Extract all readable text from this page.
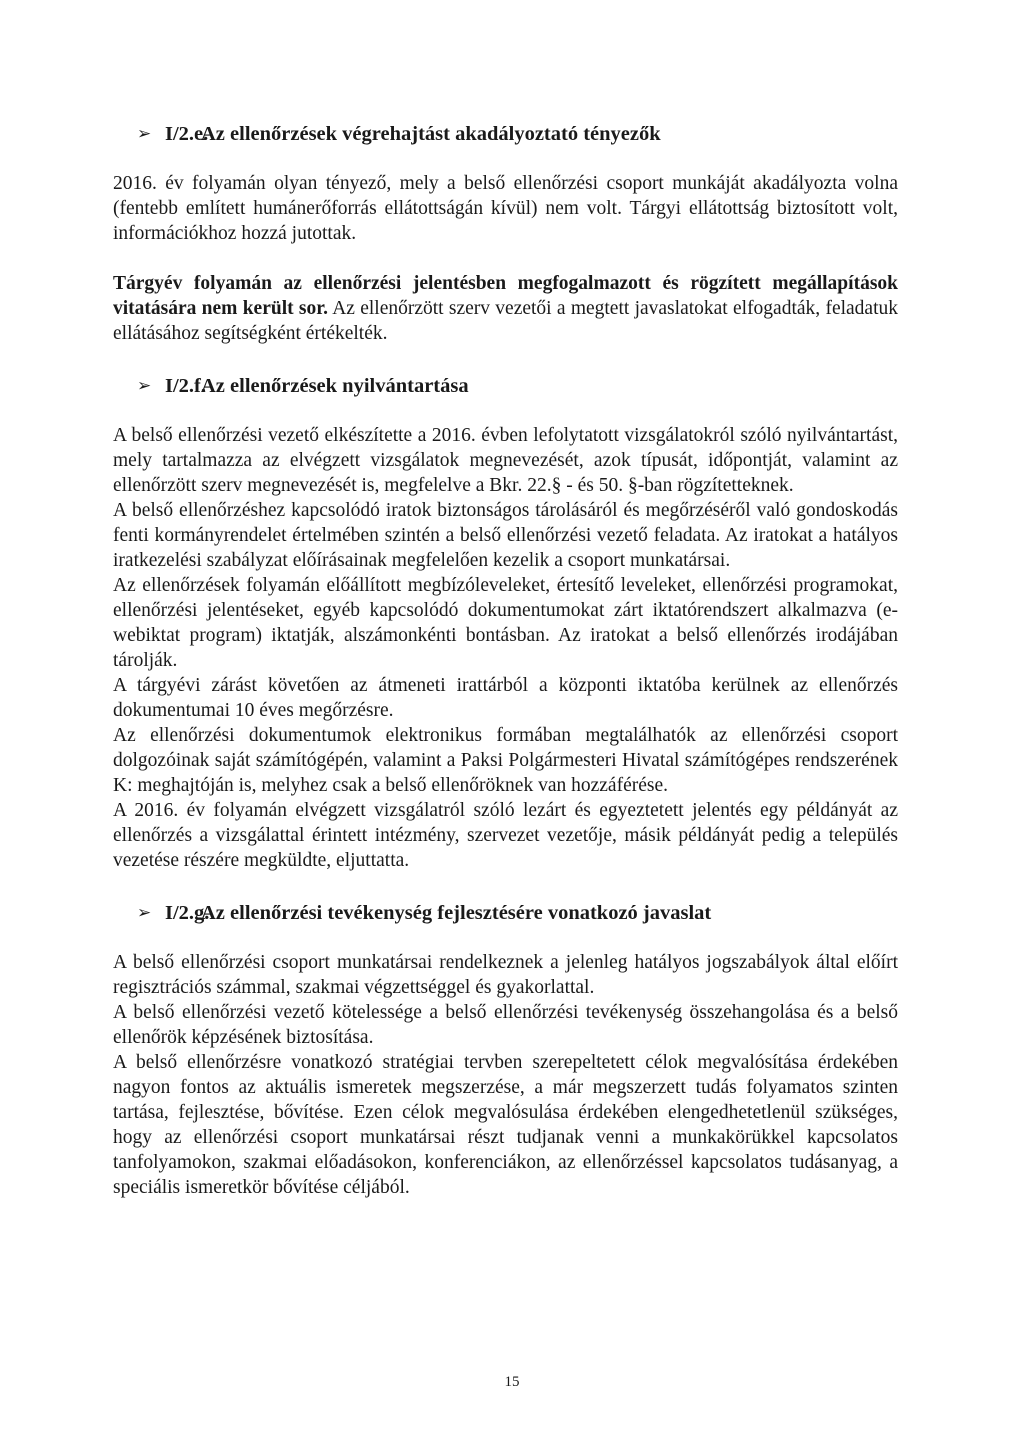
➢ I/2.e.
Az ellenőrzések végrehajtást akadályoztató tényezők

2016. év folyamán olyan tényező, mely a belső ellenőrzési csoport munkáját akadályozta volna (fentebb említett humánerőforrás ellátottságán kívül) nem volt. Tárgyi ellátottság biztosított volt, információkhoz hozzá jutottak.

Tárgyév folyamán az ellenőrzési jelentésben megfogalmazott és rögzített megállapítások vitatására nem került sor. Az ellenőrzött szerv vezetői a megtett javaslatokat elfogadták, feladatuk ellátásához segítségként értékelték.

➢ I/2.f.
Az ellenőrzések nyilvántartása

A belső ellenőrzési vezető elkészítette a 2016. évben lefolytatott vizsgálatokról szóló nyilvántartást, mely tartalmazza az elvégzett vizsgálatok megnevezését, azok típusát, időpontját, valamint az ellenőrzött szerv megnevezését is, megfelelve a Bkr. 22.§ - és 50. §-ban rögzítetteknek.

A belső ellenőrzéshez kapcsolódó iratok biztonságos tárolásáról és megőrzéséről való gondoskodás fenti kormányrendelet értelmében szintén a belső ellenőrzési vezető feladata. Az iratokat a hatályos iratkezelési szabályzat előírásainak megfelelően kezelik a csoport munkatársai.

Az ellenőrzések folyamán előállított megbízóleveleket, értesítő leveleket, ellenőrzési programokat, ellenőrzési jelentéseket, egyéb kapcsolódó dokumentumokat zárt iktatórendszert alkalmazva (e-webiktat program) iktatják, alszámonkénti bontásban. Az iratokat a belső ellenőrzés irodájában tárolják.

A tárgyévi zárást követően az átmeneti irattárból a központi iktatóba kerülnek az ellenőrzés dokumentumai 10 éves megőrzésre.

Az ellenőrzési dokumentumok elektronikus formában megtalálhatók az ellenőrzési csoport dolgozóinak saját számítógépén, valamint a Paksi Polgármesteri Hivatal számítógépes rendszerének K: meghajtóján is, melyhez csak a belső ellenőröknek van hozzáférése.

A 2016. év folyamán elvégzett vizsgálatról szóló lezárt és egyeztetett jelentés egy példányát az ellenőrzés a vizsgálattal érintett intézmény, szervezet vezetője, másik példányát pedig a település vezetése részére megküldte, eljuttatta.

➢ I/2.g.
Az ellenőrzési tevékenység fejlesztésére vonatkozó javaslat

A belső ellenőrzési csoport munkatársai rendelkeznek a jelenleg hatályos jogszabályok által előírt regisztrációs számmal, szakmai végzettséggel és gyakorlattal.

A belső ellenőrzési vezető kötelessége a belső ellenőrzési tevékenység összehangolása és a belső ellenőrök képzésének biztosítása.

A belső ellenőrzésre vonatkozó stratégiai tervben szerepeltetett célok megvalósítása érdekében nagyon fontos az aktuális ismeretek megszerzése, a már megszerzett tudás folyamatos szinten tartása, fejlesztése, bővítése. Ezen célok megvalósulása érdekében elengedhetetlenül szükséges, hogy az ellenőrzési csoport munkatársai részt tudjanak venni a munkakörükkel kapcsolatos tanfolyamokon, szakmai előadásokon, konferenciákon, az ellenőrzéssel kapcsolatos tudásanyag, a speciális ismeretkör bővítése céljából.

15
